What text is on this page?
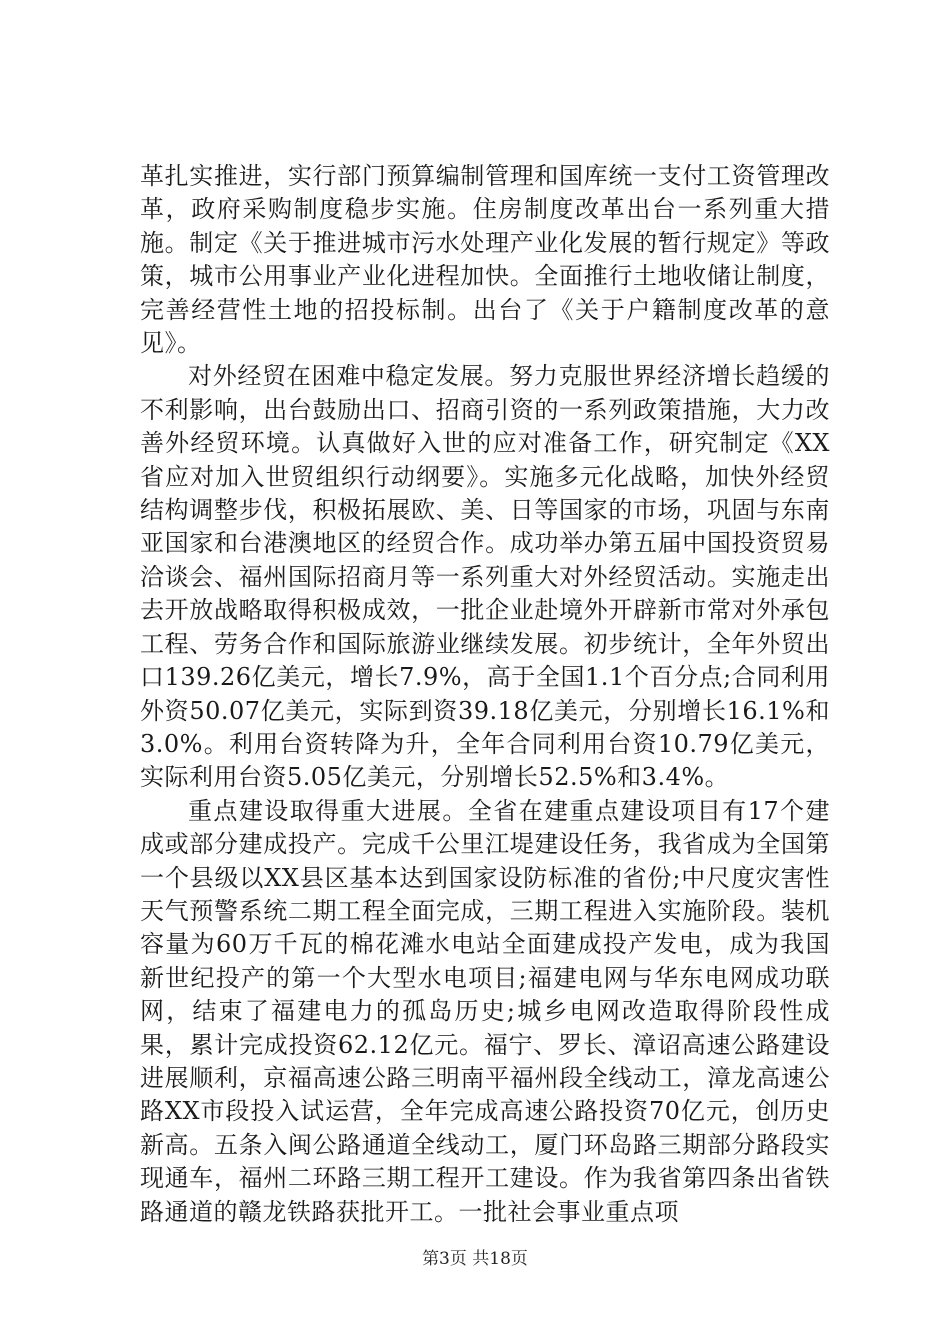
革扎实推进，实行部门预算编制管理和国库统一支付工资管理改革，政府采购制度稳步实施。住房制度改革出台一系列重大措施。制定《关于推进城市污水处理产业化发展的暂行规定》等政策，城市公用事业产业化进程加快。全面推行土地收储让制度，完善经营性土地的招投标制。出台了《关于户籍制度改革的意见》。

对外经贸在困难中稳定发展。努力克服世界经济增长趋缓的不利影响，出台鼓励出口、招商引资的一系列政策措施，大力改善外经贸环境。认真做好入世的应对准备工作，研究制定《XX省应对加入世贸组织行动纲要》。实施多元化战略，加快外经贸结构调整步伐，积极拓展欧、美、日等国家的市场，巩固与东南亚国家和台港澳地区的经贸合作。成功举办第五届中国投资贸易洽谈会、福州国际招商月等一系列重大对外经贸活动。实施走出去开放战略取得积极成效，一批企业赴境外开辟新市常对外承包工程、劳务合作和国际旅游业继续发展。初步统计，全年外贸出口139.26亿美元，增长7.9%，高于全国1.1个百分点;合同利用外资50.07亿美元，实际到资39.18亿美元，分别增长16.1%和3.0%。利用台资转降为升，全年合同利用台资10.79亿美元，实际利用台资5.05亿美元，分别增长52.5%和3.4%。

重点建设取得重大进展。全省在建重点建设项目有17个建成或部分建成投产。完成千公里江堤建设任务，我省成为全国第一个县级以XX县区基本达到国家设防标准的省份;中尺度灾害性天气预警系统二期工程全面完成，三期工程进入实施阶段。装机容量为60万千瓦的棉花滩水电站全面建成投产发电，成为我国新世纪投产的第一个大型水电项目;福建电网与华东电网成功联网，结束了福建电力的孤岛历史;城乡电网改造取得阶段性成果，累计完成投资62.12亿元。福宁、罗长、漳诏高速公路建设进展顺利，京福高速公路三明南平福州段全线动工，漳龙高速公路XX市段投入试运营，全年完成高速公路投资70亿元，创历史新高。五条入闽公路通道全线动工，厦门环岛路三期部分路段实现通车，福州二环路三期工程开工建设。作为我省第四条出省铁路通道的赣龙铁路获批开工。一批社会事业重点项

第3页 共18页
